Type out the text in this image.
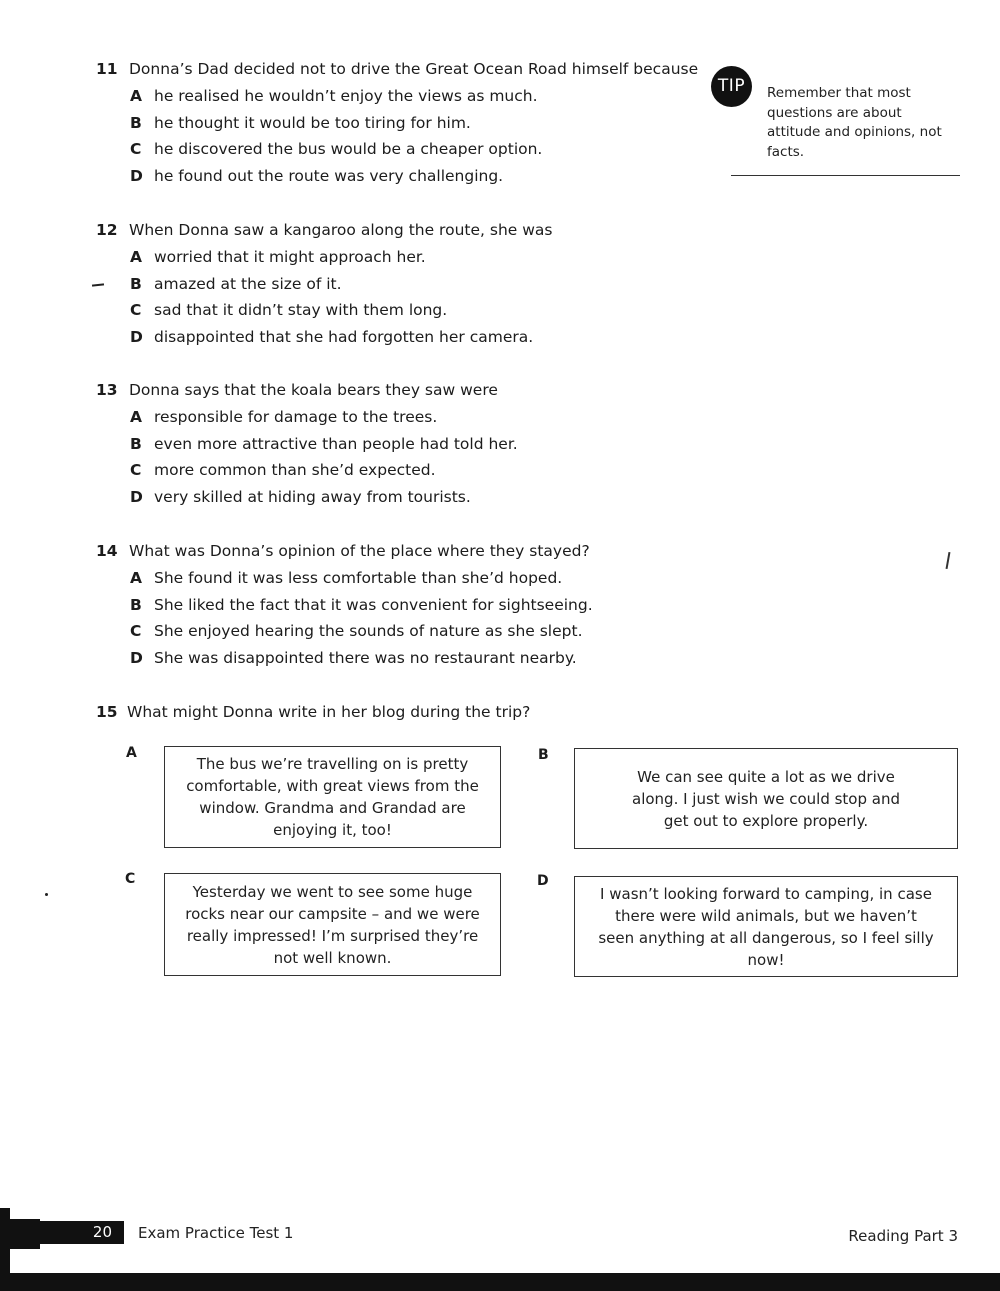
11 Donna’s Dad decided not to drive the Great Ocean Road himself because
A he realised he wouldn’t enjoy the views as much.
B he thought it would be too tiring for him.
C he discovered the bus would be a cheaper option.
D he found out the route was very challenging.
12 When Donna saw a kangaroo along the route, she was
A worried that it might approach her.
B amazed at the size of it.
C sad that it didn’t stay with them long.
D disappointed that she had forgotten her camera.
13 Donna says that the koala bears they saw were
A responsible for damage to the trees.
B even more attractive than people had told her.
C more common than she’d expected.
D very skilled at hiding away from tourists.
14 What was Donna’s opinion of the place where they stayed?
A She found it was less comfortable than she’d hoped.
B She liked the fact that it was convenient for sightseeing.
C She enjoyed hearing the sounds of nature as she slept.
D She was disappointed there was no restaurant nearby.
15 What might Donna write in her blog during the trip?
TIP	Remember that most questions are about attitude and opinions, not facts.
A
The bus we’re travelling on is pretty comfortable, with great views from the window. Grandma and Grandad are enjoying it, too!
B
We can see quite a lot as we drive along. I just wish we could stop and get out to explore properly.
C
Yesterday we went to see some huge rocks near our campsite – and we were really impressed! I’m surprised they’re not well known.
D
I wasn’t looking forward to camping, in case there were wild animals, but we haven’t seen anything at all dangerous, so I feel silly now!
20	Exam Practice Test 1	Reading Part 3
